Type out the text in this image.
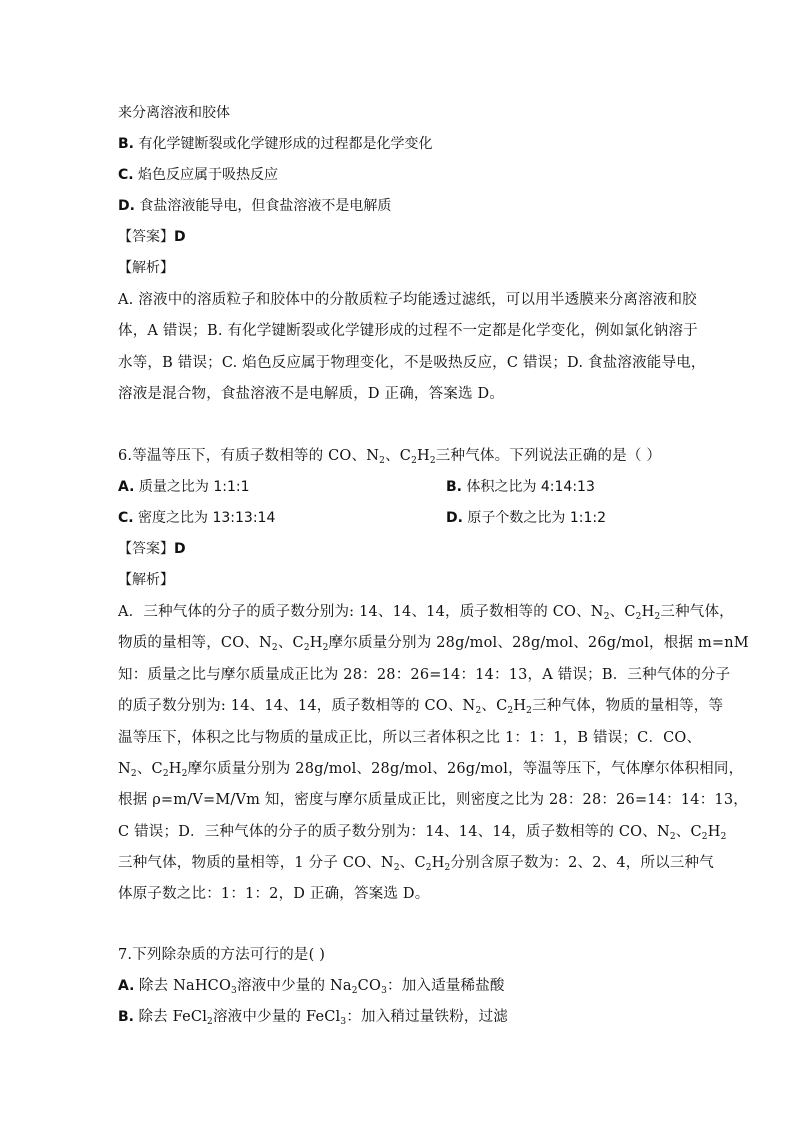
来分离溶液和胶体
B. 有化学键断裂或化学键形成的过程都是化学变化
C. 焰色反应属于吸热反应
D. 食盐溶液能导电，但食盐溶液不是电解质
【答案】D
【解析】
A. 溶液中的溶质粒子和胶体中的分散质粒子均能透过滤纸，可以用半透膜来分离溶液和胶
体，A 错误；B. 有化学键断裂或化学键形成的过程不一定都是化学变化，例如氯化钠溶于
水等，B 错误；C. 焰色反应属于物理变化，不是吸热反应，C 错误；D. 食盐溶液能导电，
溶液是混合物，食盐溶液不是电解质，D 正确，答案选 D。
6.等温等压下，有质子数相等的 CO、$N_2$、$C_2H_2$三种气体。下列说法正确的是（ ）
A. 质量之比为 1:1:1	B. 体积之比为 4:14:13
C. 密度之比为 13:13:14	D. 原子个数之比为 1:1:2
【答案】D
【解析】
A．三种气体的分子的质子数分别为: 14、14、14，质子数相等的 CO、$N_2$、$C_2H_2$三种气体，
物质的量相等，CO、$N_2$、$C_2H_2$摩尔质量分别为 28g/mol、28g/mol、26g/mol，根据 m=nM
知：质量之比与摩尔质量成正比为 28：28：26=14：14：13，A 错误；B．三种气体的分子
的质子数分别为: 14、14、14，质子数相等的 CO、$N_2$、$C_2H_2$三种气体，物质的量相等，等
温等压下，体积之比与物质的量成正比，所以三者体积之比 1：1：1，B 错误；C．CO、
$N_2$、$C_2H_2$摩尔质量分别为 28g/mol、28g/mol、26g/mol，等温等压下，气体摩尔体积相同，
根据 ρ=m/V=M/Vm 知，密度与摩尔质量成正比，则密度之比为 28：28：26=14：14：13，
C 错误；D．三种气体的分子的质子数分别为：14、14、14，质子数相等的 CO、$N_2$、$C_2H_2$
三种气体，物质的量相等，1 分子 CO、$N_2$、$C_2H_2$分别含原子数为：2、2、4，所以三种气
体原子数之比：1：1：2，D 正确，答案选 D。
7.下列除杂质的方法可行的是( )
A. 除去 NaHCO$_3$溶液中少量的 $Na_2CO_3$：加入适量稀盐酸
B. 除去 FeCl$_2$溶液中少量的 FeCl$_3$：加入稍过量铁粉，过滤
